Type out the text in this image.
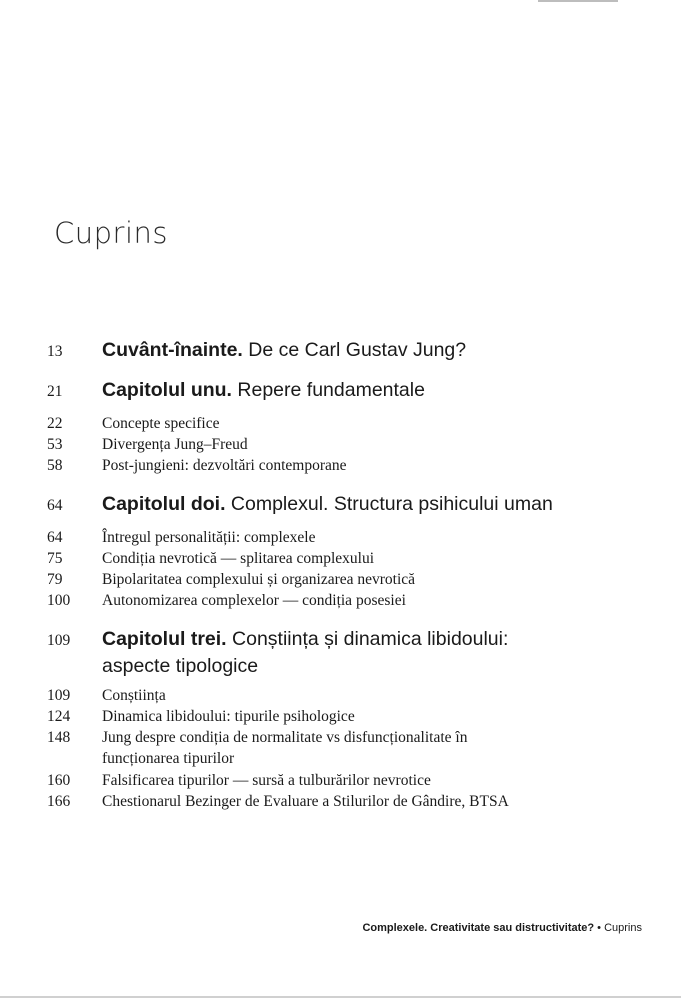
Cuprins
13	Cuvânt-înainte. De ce Carl Gustav Jung?
21	Capitolul unu. Repere fundamentale
22	Concepte specifice
53	Divergența Jung–Freud
58	Post-jungieni: dezvoltări contemporane
64	Capitolul doi. Complexul. Structura psihicului uman
64	Întregul personalității: complexele
75	Condiția nevrotică — splitarea complexului
79	Bipolaritatea complexului și organizarea nevrotică
100	Autonomizarea complexelor — condiția posesiei
109	Capitolul trei. Conștiința și dinamica libidoului:
aspecte tipologice
109	Conștiința
124	Dinamica libidoului: tipurile psihologice
148	Jung despre condiția de normalitate vs disfuncționalitate în
funcționarea tipurilor
160	Falsificarea tipurilor — sursă a tulburărilor nevrotice
166	Chestionarul Bezinger de Evaluare a Stilurilor de Gândire, BTSA
Complexele. Creativitate sau distructivitate? • Cuprins
